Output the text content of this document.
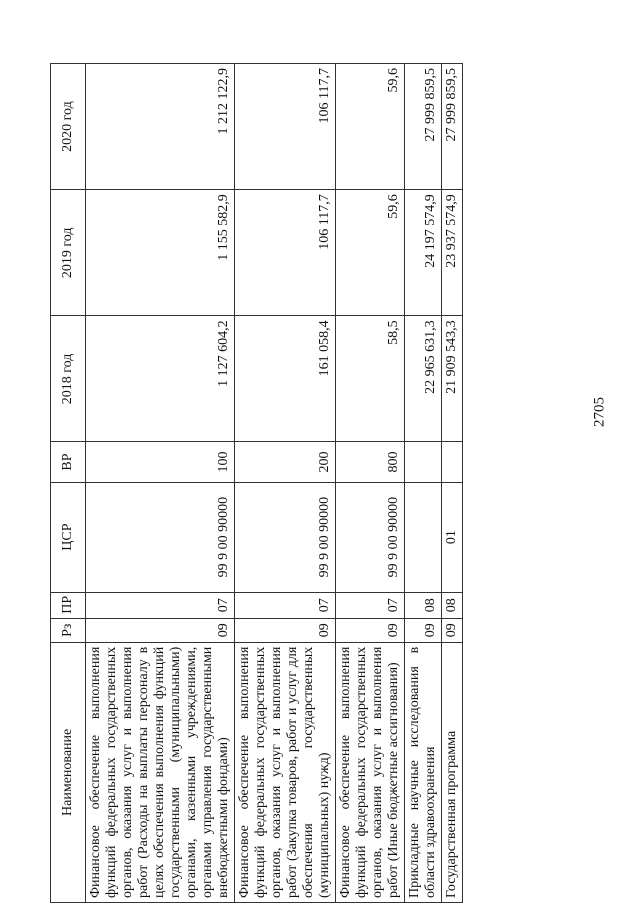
2705
Наименование	Рз	ПР	ЦСР	ВР	2018 год	2019 год	2020 год
Финансовое обеспечение выполнения функций федеральных государственных органов, оказания услуг и выполнения работ (Расходы на выплаты персоналу в целях обеспечения выполнения функций государственными (муниципальными) органами, казенными учреждениями, органами управления государственными внебюджетными фондами)	09	07	99 9 00 90000	100	1 127 604,2	1 155 582,9	1 212 122,9
Финансовое обеспечение выполнения функций федеральных государственных органов, оказания услуг и выполнения работ (Закупка товаров, работ и услуг для обеспечения государственных (муниципальных) нужд)	09	07	99 9 00 90000	200	161 058,4	106 117,7	106 117,7
Финансовое обеспечение выполнения функций федеральных государственных органов, оказания услуг и выполнения работ (Иные бюджетные ассигнования)	09	07	99 9 00 90000	800	58,5	59,6	59,6
Прикладные научные исследования в области здравоохранения	09	08			22 965 631,3	24 197 574,9	27 999 859,5
Государственная программа	09	08	01		21 909 543,3	23 937 574,9	27 999 859,5
